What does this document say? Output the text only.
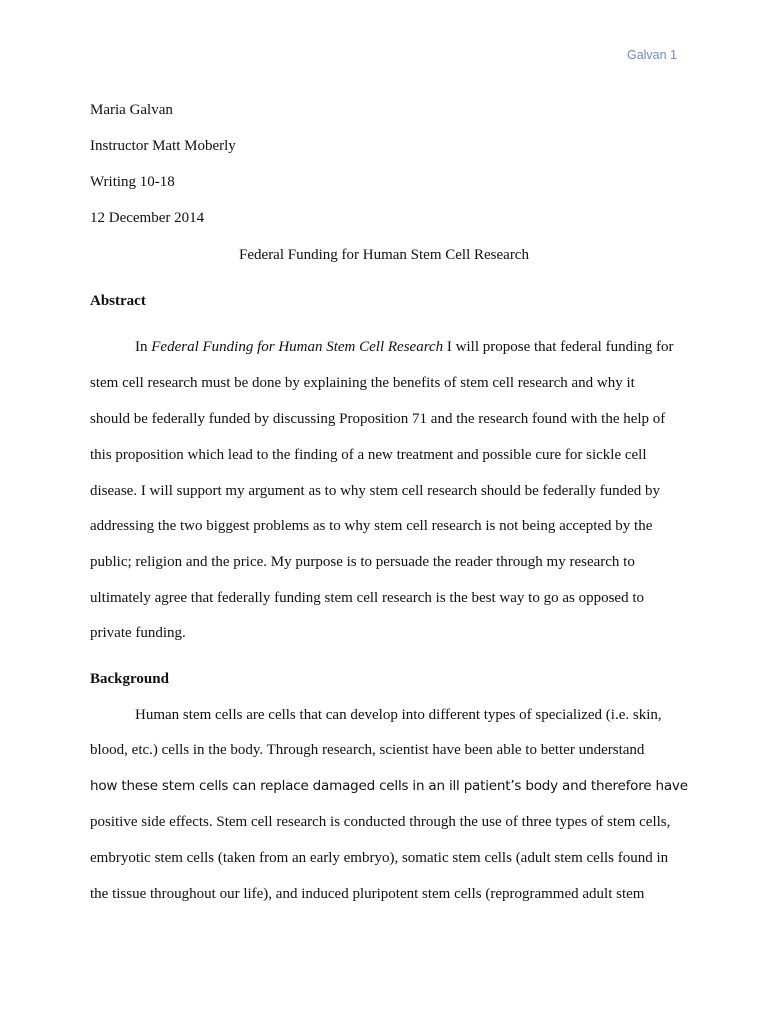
Galvan 1
Maria Galvan
Instructor Matt Moberly
Writing 10-18
12 December 2014
Federal Funding for Human Stem Cell Research
Abstract
In Federal Funding for Human Stem Cell Research I will propose that federal funding for
stem cell research must be done by explaining the benefits of stem cell research and why it
should be federally funded by discussing Proposition 71 and the research found with the help of
this proposition which lead to the finding of a new treatment and possible cure for sickle cell
disease. I will support my argument as to why stem cell research should be federally funded by
addressing the two biggest problems as to why stem cell research is not being accepted by the
public; religion and the price. My purpose is to persuade the reader through my research to
ultimately agree that federally funding stem cell research is the best way to go as opposed to
private funding.
Background
Human stem cells are cells that can develop into different types of specialized (i.e. skin,
blood, etc.) cells in the body. Through research, scientist have been able to better understand
how these stem cells can replace damaged cells in an ill patient’s body and therefore have
positive side effects. Stem cell research is conducted through the use of three types of stem cells,
embryotic stem cells (taken from an early embryo), somatic stem cells (adult stem cells found in
the tissue throughout our life), and induced pluripotent stem cells (reprogrammed adult stem
